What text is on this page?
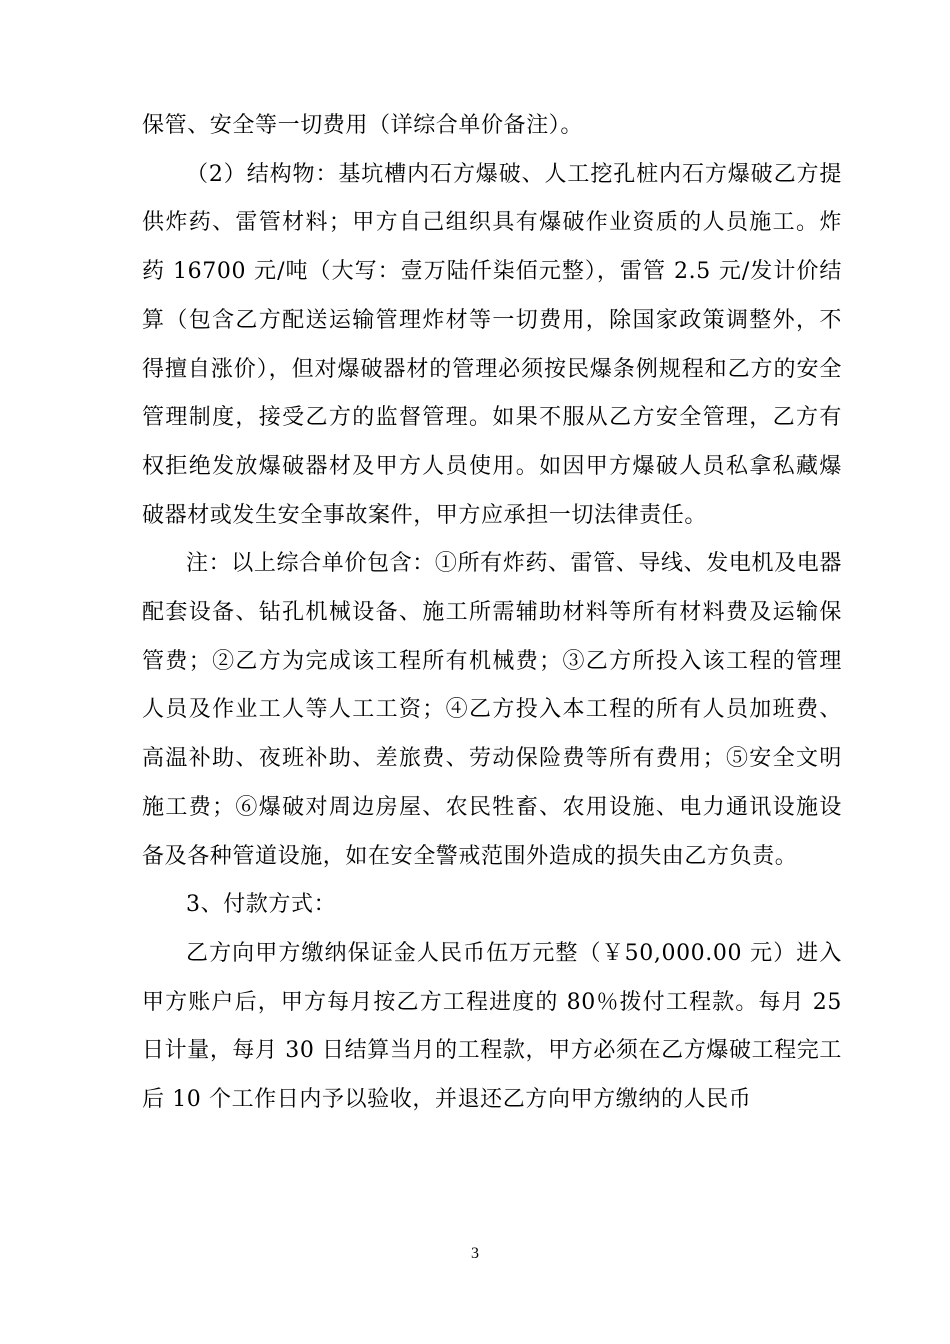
保管、安全等一切费用（详综合单价备注）。

（2）结构物：基坑槽内石方爆破、人工挖孔桩内石方爆破乙方提供炸药、雷管材料；甲方自己组织具有爆破作业资质的人员施工。炸药 16700 元/吨（大写：壹万陆仟柒佰元整），雷管 2.5 元/发计价结算（包含乙方配送运输管理炸材等一切费用，除国家政策调整外，不得擅自涨价），但对爆破器材的管理必须按民爆条例规程和乙方的安全管理制度，接受乙方的监督管理。如果不服从乙方安全管理，乙方有权拒绝发放爆破器材及甲方人员使用。如因甲方爆破人员私拿私藏爆破器材或发生安全事故案件，甲方应承担一切法律责任。

注：以上综合单价包含：①所有炸药、雷管、导线、发电机及电器配套设备、钻孔机械设备、施工所需辅助材料等所有材料费及运输保管费；②乙方为完成该工程所有机械费；③乙方所投入该工程的管理人员及作业工人等人工工资；④乙方投入本工程的所有人员加班费、高温补助、夜班补助、差旅费、劳动保险费等所有费用；⑤安全文明施工费；⑥爆破对周边房屋、农民牲畜、农用设施、电力通讯设施设备及各种管道设施，如在安全警戒范围外造成的损失由乙方负责。

3、付款方式：

乙方向甲方缴纳保证金人民币伍万元整（￥50,000.00 元）进入甲方账户后，甲方每月按乙方工程进度的 80％拨付工程款。每月 25 日计量，每月 30 日结算当月的工程款，甲方必须在乙方爆破工程完工后 10 个工作日内予以验收，并退还乙方向甲方缴纳的人民币

3
